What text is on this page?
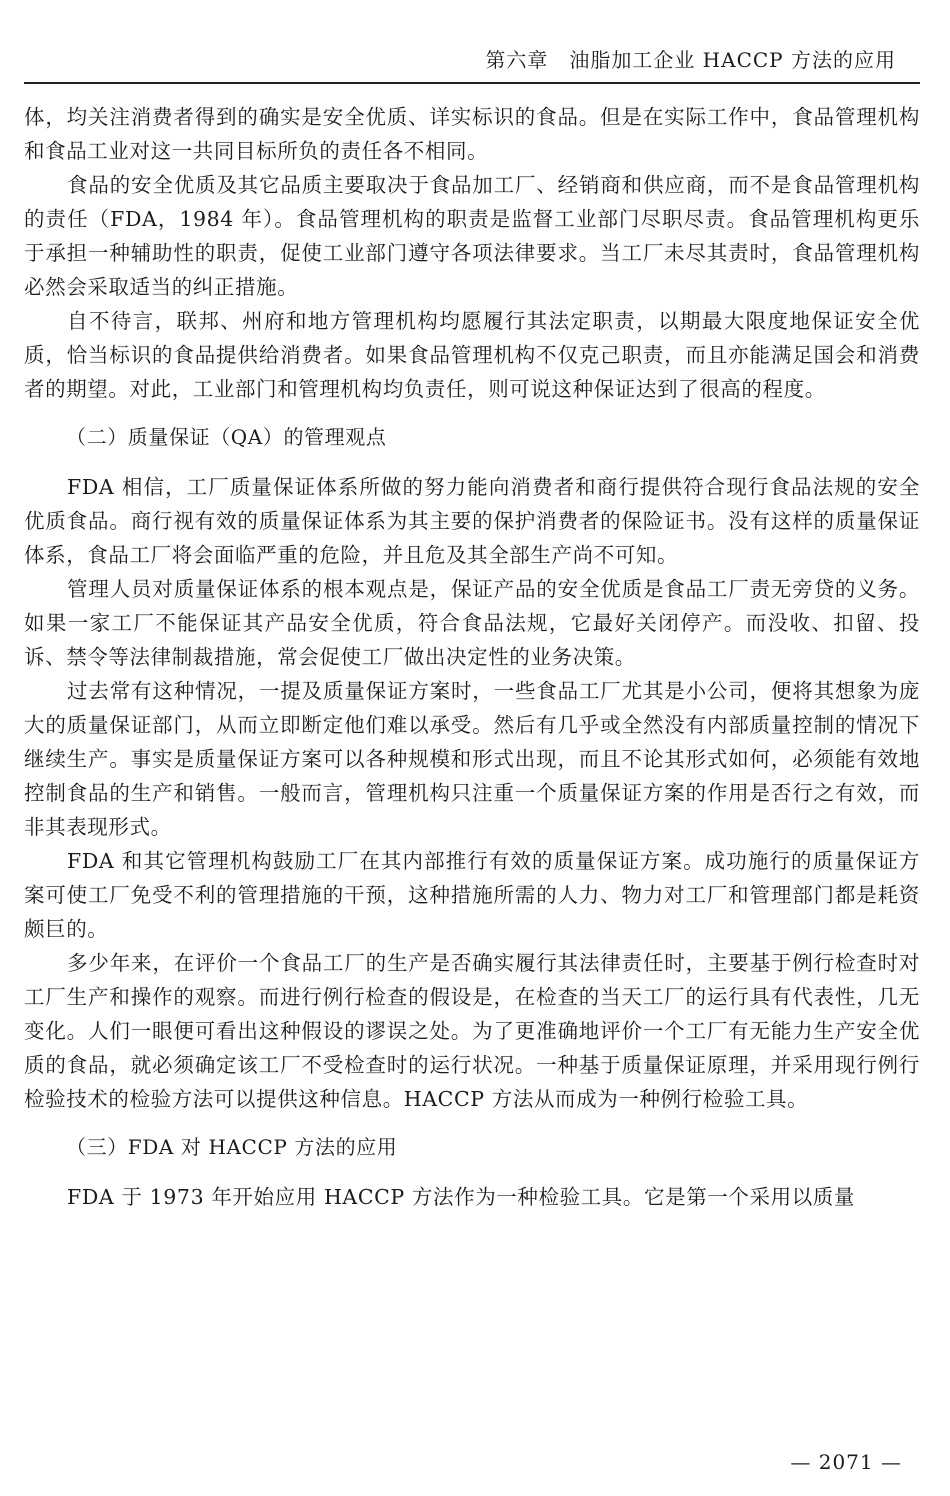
第六章　油脂加工企业 HACCP 方法的应用

体，均关注消费者得到的确实是安全优质、详实标识的食品。但是在实际工作中，食品管理机构和食品工业对这一共同目标所负的责任各不相同。

食品的安全优质及其它品质主要取决于食品加工厂、经销商和供应商，而不是食品管理机构的责任（FDA，1984 年）。食品管理机构的职责是监督工业部门尽职尽责。食品管理机构更乐于承担一种辅助性的职责，促使工业部门遵守各项法律要求。当工厂未尽其责时，食品管理机构必然会采取适当的纠正措施。

自不待言，联邦、州府和地方管理机构均愿履行其法定职责，以期最大限度地保证安全优质，恰当标识的食品提供给消费者。如果食品管理机构不仅克己职责，而且亦能满足国会和消费者的期望。对此，工业部门和管理机构均负责任，则可说这种保证达到了很高的程度。

（二）质量保证（QA）的管理观点

FDA 相信，工厂质量保证体系所做的努力能向消费者和商行提供符合现行食品法规的安全优质食品。商行视有效的质量保证体系为其主要的保护消费者的保险证书。没有这样的质量保证体系，食品工厂将会面临严重的危险，并且危及其全部生产尚不可知。

管理人员对质量保证体系的根本观点是，保证产品的安全优质是食品工厂责无旁贷的义务。如果一家工厂不能保证其产品安全优质，符合食品法规，它最好关闭停产。而没收、扣留、投诉、禁令等法律制裁措施，常会促使工厂做出决定性的业务决策。

过去常有这种情况，一提及质量保证方案时，一些食品工厂尤其是小公司，便将其想象为庞大的质量保证部门，从而立即断定他们难以承受。然后有几乎或全然没有内部质量控制的情况下继续生产。事实是质量保证方案可以各种规模和形式出现，而且不论其形式如何，必须能有效地控制食品的生产和销售。一般而言，管理机构只注重一个质量保证方案的作用是否行之有效，而非其表现形式。

FDA 和其它管理机构鼓励工厂在其内部推行有效的质量保证方案。成功施行的质量保证方案可使工厂免受不利的管理措施的干预，这种措施所需的人力、物力对工厂和管理部门都是耗资颇巨的。

多少年来，在评价一个食品工厂的生产是否确实履行其法律责任时，主要基于例行检查时对工厂生产和操作的观察。而进行例行检查的假设是，在检查的当天工厂的运行具有代表性，几无变化。人们一眼便可看出这种假设的谬误之处。为了更准确地评价一个工厂有无能力生产安全优质的食品，就必须确定该工厂不受检查时的运行状况。一种基于质量保证原理，并采用现行例行检验技术的检验方法可以提供这种信息。HACCP 方法从而成为一种例行检验工具。

（三）FDA 对 HACCP 方法的应用

FDA 于 1973 年开始应用 HACCP 方法作为一种检验工具。它是第一个采用以质量

— 2071 —
